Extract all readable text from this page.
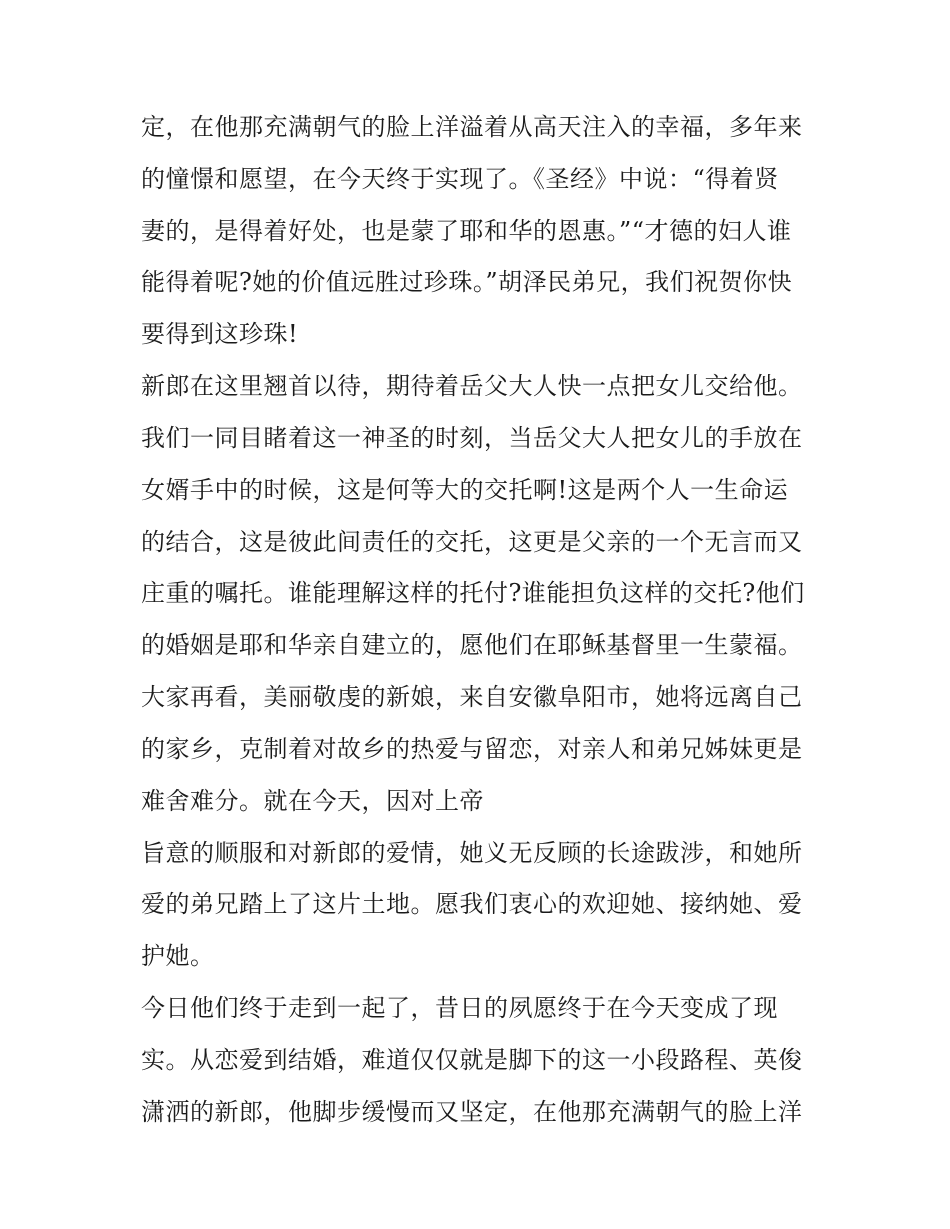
定，在他那充满朝气的脸上洋溢着从高天注入的幸福，多年来
的憧憬和愿望，在今天终于实现了。《圣经》中说：“得着贤
妻的，是得着好处，也是蒙了耶和华的恩惠。”“才德的妇人谁
能得着呢?她的价值远胜过珍珠。”胡泽民弟兄，我们祝贺你快
要得到这珍珠!
新郎在这里翘首以待，期待着岳父大人快一点把女儿交给他。
我们一同目睹着这一神圣的时刻，当岳父大人把女儿的手放在
女婿手中的时候，这是何等大的交托啊!这是两个人一生命运
的结合，这是彼此间责任的交托，这更是父亲的一个无言而又
庄重的嘱托。谁能理解这样的托付?谁能担负这样的交托?他们
的婚姻是耶和华亲自建立的，愿他们在耶稣基督里一生蒙福。
大家再看，美丽敬虔的新娘，来自安徽阜阳市，她将远离自己
的家乡，克制着对故乡的热爱与留恋，对亲人和弟兄姊妹更是
难舍难分。就在今天，因对上帝
旨意的顺服和对新郎的爱情，她义无反顾的长途跋涉，和她所
爱的弟兄踏上了这片土地。愿我们衷心的欢迎她、接纳她、爱
护她。
今日他们终于走到一起了，昔日的夙愿终于在今天变成了现
实。从恋爱到结婚，难道仅仅就是脚下的这一小段路程、英俊
潇洒的新郎，他脚步缓慢而又坚定，在他那充满朝气的脸上洋
